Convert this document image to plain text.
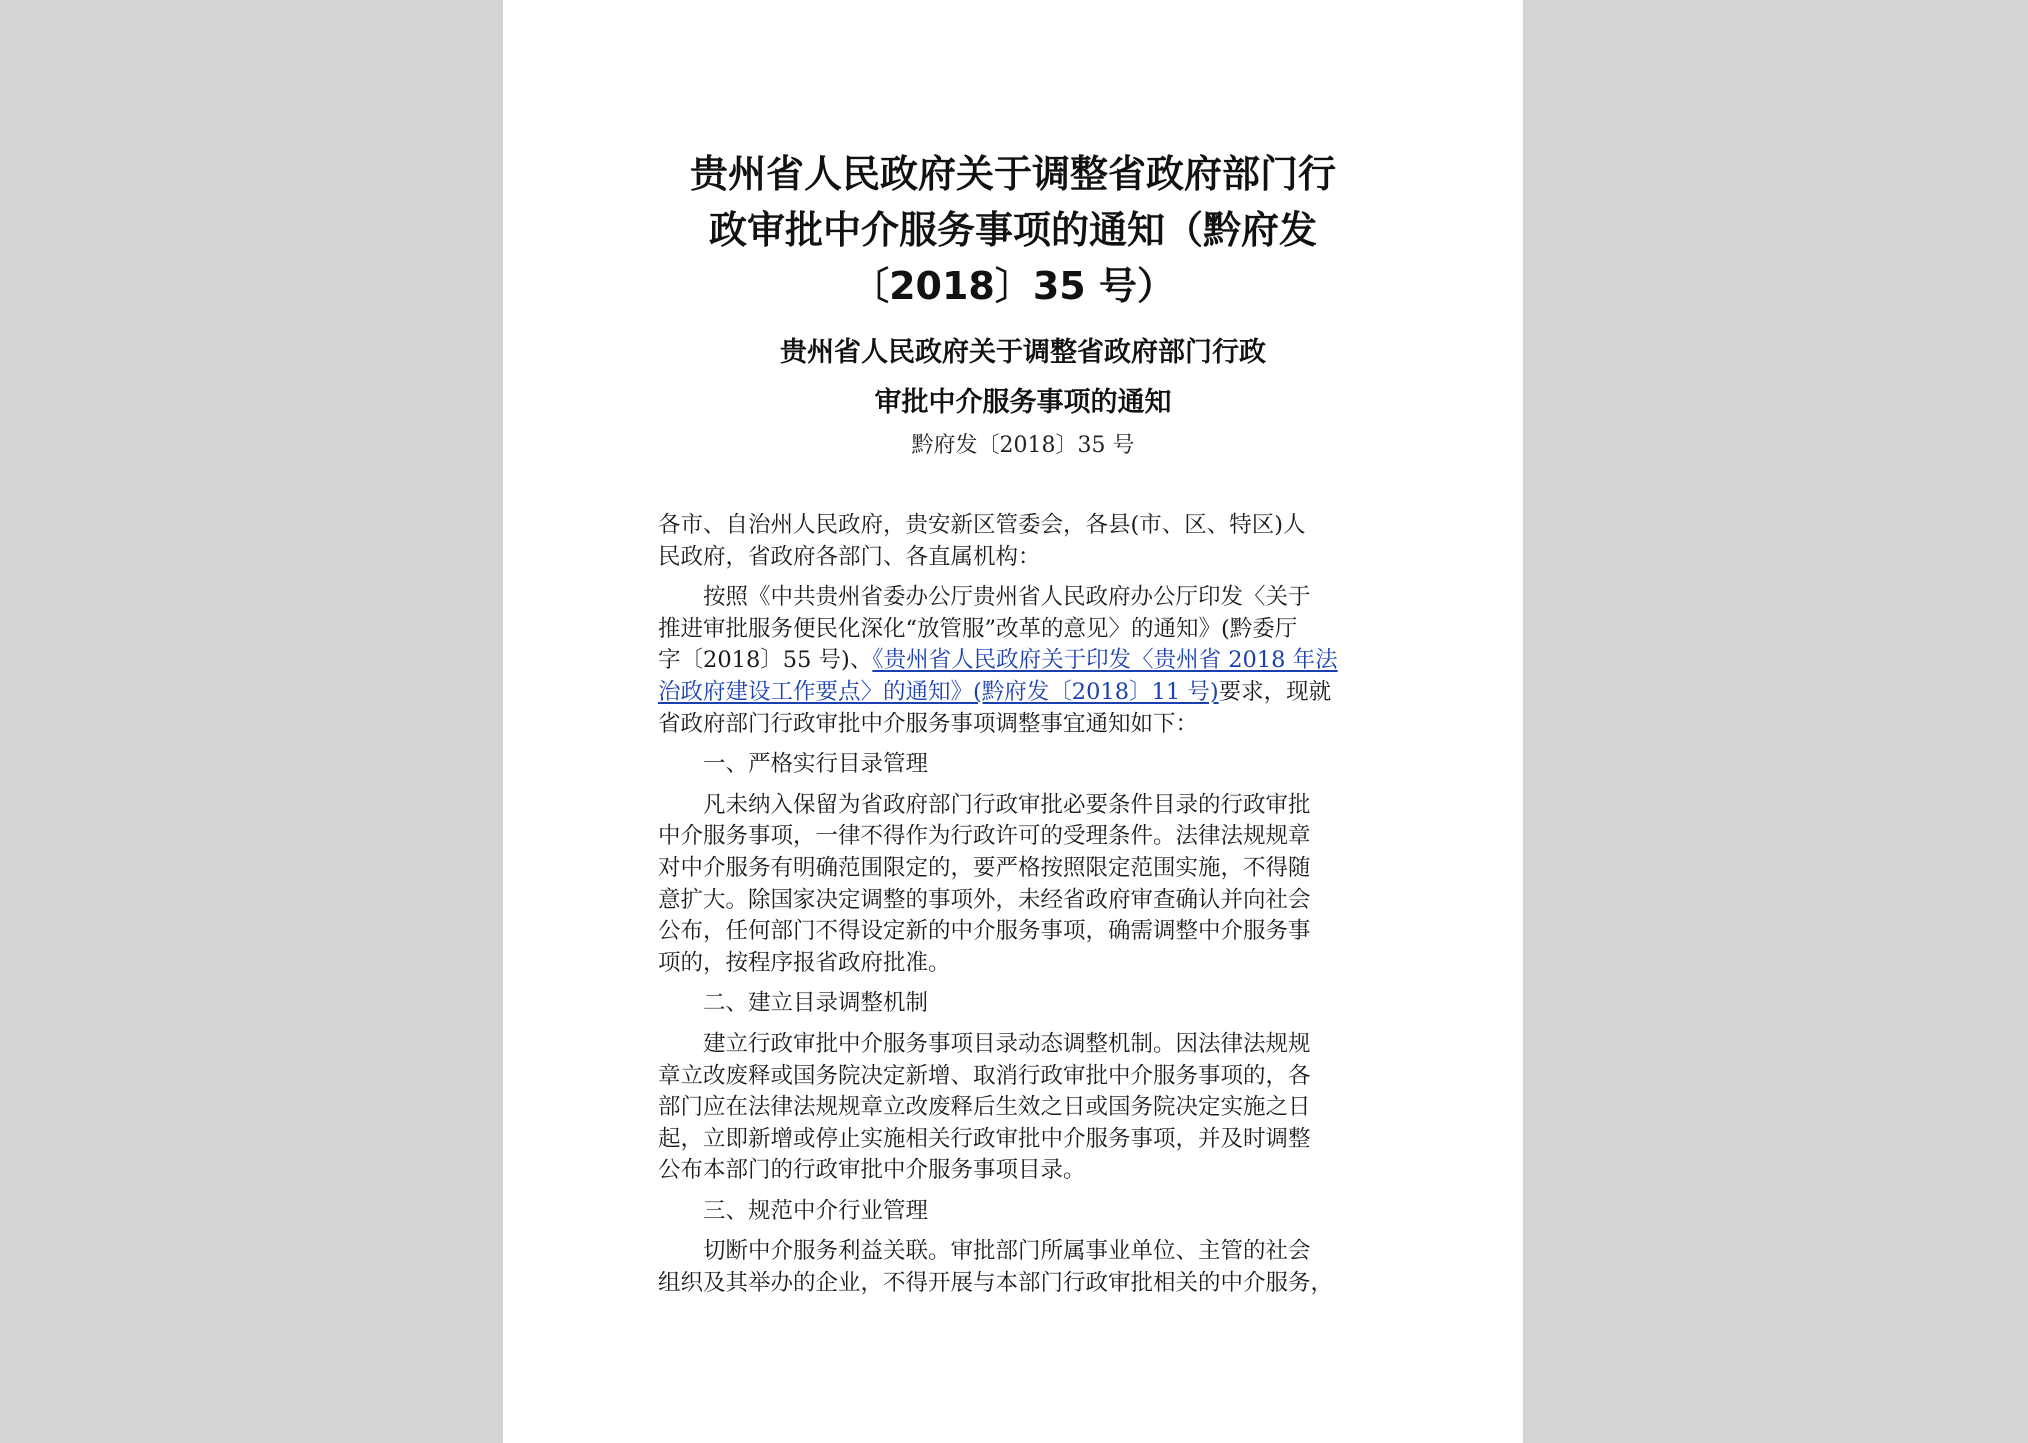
贵州省人民政府关于调整省政府部门行
政审批中介服务事项的通知（黔府发
〔2018〕35 号）
贵州省人民政府关于调整省政府部门行政
审批中介服务事项的通知
黔府发〔2018〕35 号

各市、自治州人民政府，贵安新区管委会，各县(市、区、特区)人
民政府，省政府各部门、各直属机构：

按照《中共贵州省委办公厅贵州省人民政府办公厅印发〈关于
推进审批服务便民化深化“放管服”改革的意见〉的通知》(黔委厅
字〔2018〕55 号)、《贵州省人民政府关于印发〈贵州省 2018 年法
治政府建设工作要点〉的通知》(黔府发〔2018〕11 号)要求，现就
省政府部门行政审批中介服务事项调整事宜通知如下：

一、严格实行目录管理

凡未纳入保留为省政府部门行政审批必要条件目录的行政审批
中介服务事项，一律不得作为行政许可的受理条件。法律法规规章
对中介服务有明确范围限定的，要严格按照限定范围实施，不得随
意扩大。除国家决定调整的事项外，未经省政府审查确认并向社会
公布，任何部门不得设定新的中介服务事项，确需调整中介服务事
项的，按程序报省政府批准。

二、建立目录调整机制

建立行政审批中介服务事项目录动态调整机制。因法律法规规
章立改废释或国务院决定新增、取消行政审批中介服务事项的，各
部门应在法律法规规章立改废释后生效之日或国务院决定实施之日
起，立即新增或停止实施相关行政审批中介服务事项，并及时调整
公布本部门的行政审批中介服务事项目录。

三、规范中介行业管理

切断中介服务利益关联。审批部门所属事业单位、主管的社会
组织及其举办的企业，不得开展与本部门行政审批相关的中介服务，
